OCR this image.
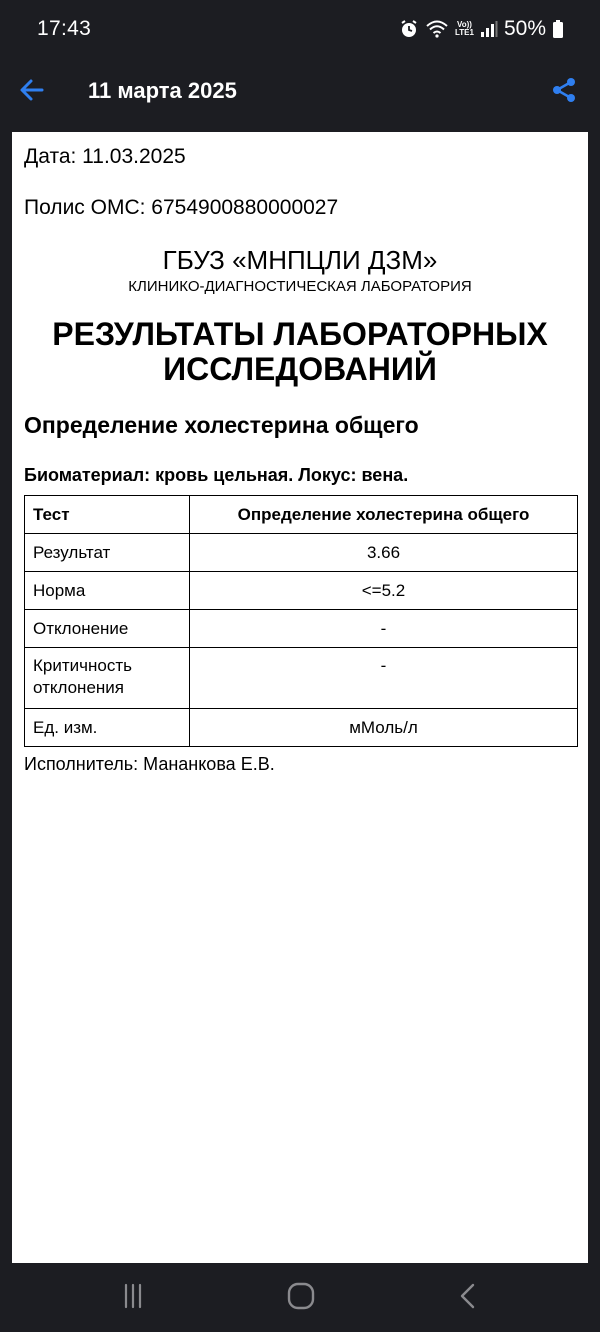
17:43	Vo))
LTE1 50%
11 марта 2025
Дата: 11.03.2025
Полис ОМС: 6754900880000027
ГБУЗ «МНПЦЛИ ДЗМ»
КЛИНИКО-ДИАГНОСТИЧЕСКАЯ ЛАБОРАТОРИЯ
РЕЗУЛЬТАТЫ ЛАБОРАТОРНЫХ
ИССЛЕДОВАНИЙ
Определение холестерина общего
Биоматериал: кровь цельная. Локус: вена.
Тест	Определение холестерина общего
Результат	3.66
Норма	<=5.2
Отклонение	-
Критичность отклонения	-
Ед. изм.	мМоль/л
Исполнитель: Мананкова Е.В.
